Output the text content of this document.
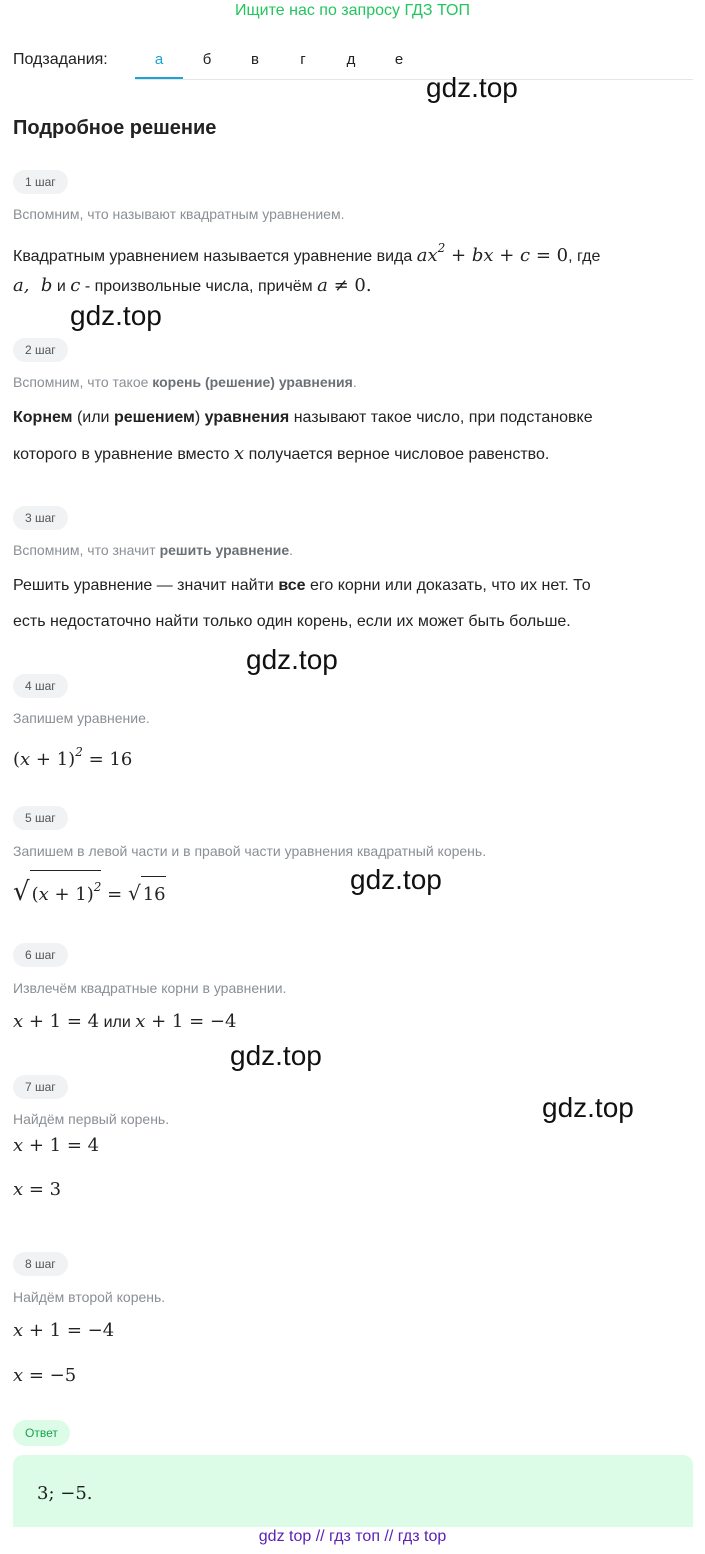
Ищите нас по запросу ГДЗ ТОП
Подзадания:	а	б	в	г	д	е
gdz.top
Подробное решение
1 шаг
Вспомним, что называют квадратным уравнением.
Квадратным уравнением называется уравнение вида $ax^2$ + bx + c = 0, где
a,  b и c - произвольные числа, причём a ≠ 0.
gdz.top
2 шаг
Вспомним, что такое корень (решение) уравнения.
Корнем (или решением) уравнения называют такое число, при подстановке
которого в уравнение вместо x получается верное числовое равенство.
3 шаг
Вспомним, что значит решить уравнение.
Решить уравнение — значит найти все его корни или доказать, что их нет. То
есть недостаточно найти только один корень, если их может быть больше.
gdz.top
4 шаг
Запишем уравнение.
$(x + 1)^2 = 16$
5 шаг
Запишем в левой части и в правой части уравнения квадратный корень.
√ $(x + 1)^2$ = √ 16	gdz.top
6 шаг
Извлечём квадратные корни в уравнении.
x + 1 = 4 или x + 1 = −4
gdz.top
7 шаг
Найдём первый корень.
x + 1 = 4
x = 3
gdz.top
8 шаг
Найдём второй корень.
x + 1 = −4
x = −5
Ответ
3; −5.
gdz top // гдз топ // гдз top
